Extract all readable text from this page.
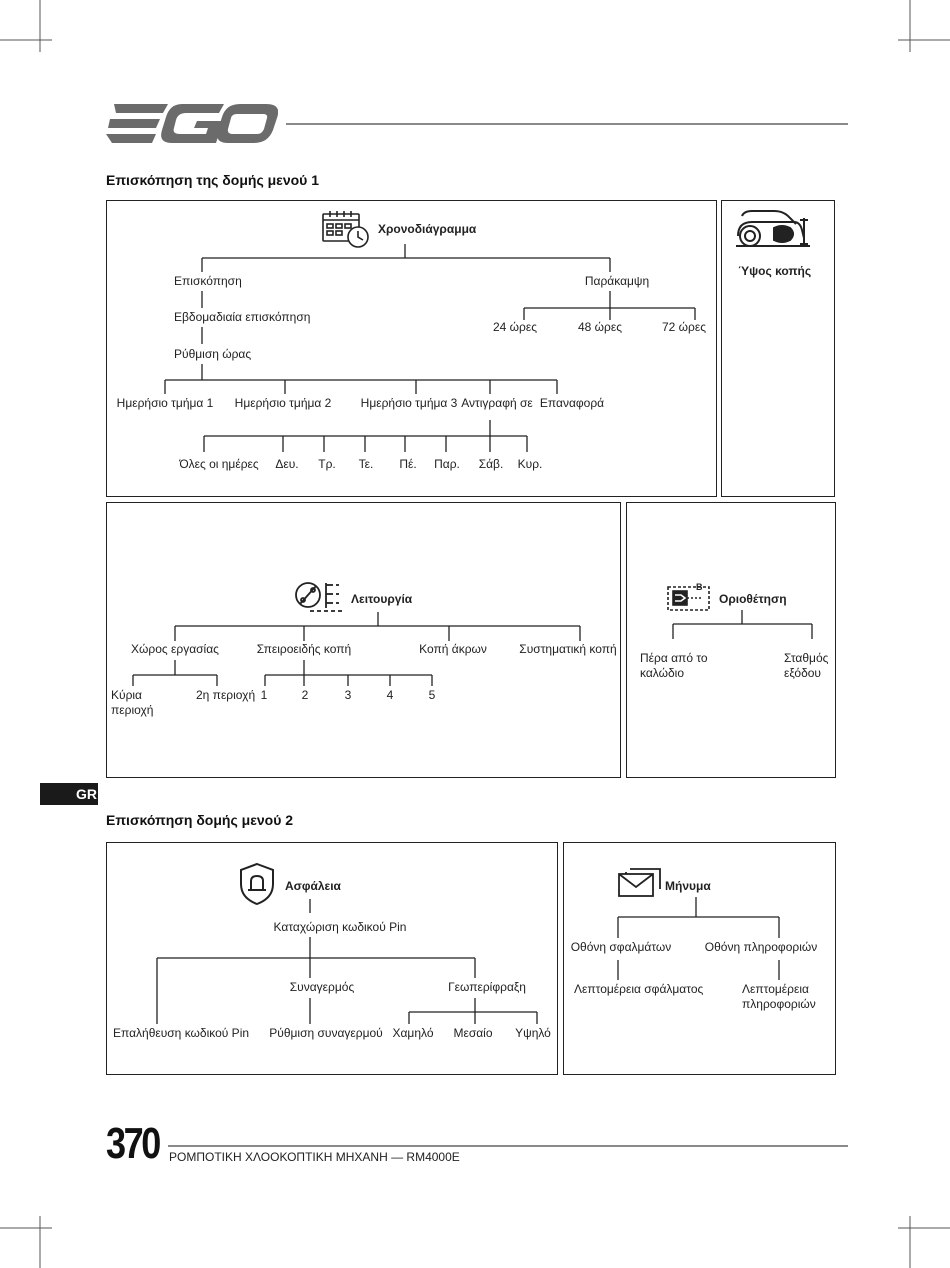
Επισκόπηση της δομής μενού 1
Χρονοδιάγραμμα
Επισκόπηση
Εβδομαδιαία επισκόπηση
Ρύθμιση ώρας
Ημερήσιο τμήμα 1 Ημερήσιο τμήμα 2 Ημερήσιο τμήμα 3 Αντιγραφή σε Επαναφορά
Όλες οι ημέρες Δευ. Τρ. Τε. Πέ. Παρ. Σάβ. Κυρ.
Παράκαμψη
24 ώρες	48 ώρες	72 ώρες
Ύψος κοπής
Λειτουργία
Χώρος εργασίας	Σπειροειδής κοπή	Κοπή άκρων	Συστηματική κοπή
Κύρια περιοχή
2η περιοχή 1	2	3	4	5
B
Οριοθέτηση
Πέρα από το καλώδιο
Σταθμός εξόδου
GR
Επισκόπηση δομής μενού 2
Ασφάλεια
Καταχώριση κωδικού Pin
Συναγερμός	Γεωπερίφραξη
Επαλήθευση κωδικού Pin Ρύθμιση συναγερμού Χαμηλό Μεσαίο Υψηλό
Μήνυμα
Οθόνη σφαλμάτων	Οθόνη πληροφοριών
Λεπτομέρεια σφάλματος	Λεπτομέρεια πληροφοριών
370 ΡΟΜΠΟΤΙΚΗ ΧΛΟΟΚΟΠΤΙΚΗ ΜΗΧΑΝΗ — RM4000E
